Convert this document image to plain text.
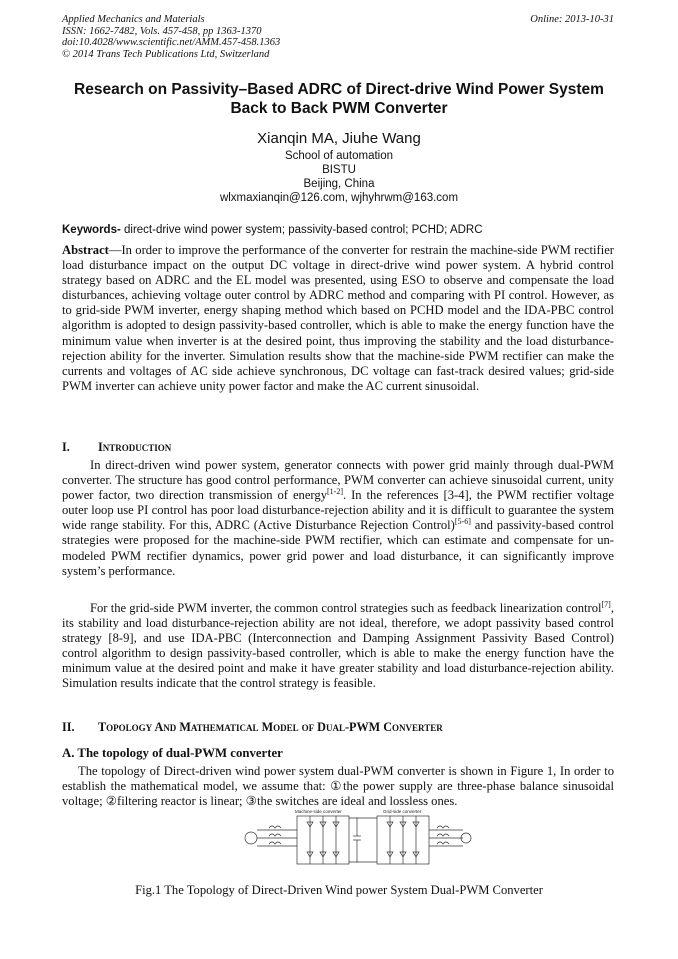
Applied Mechanics and Materials
ISSN: 1662-7482, Vols. 457-458, pp 1363-1370
doi:10.4028/www.scientific.net/AMM.457-458.1363
© 2014 Trans Tech Publications Ltd, Switzerland
Online: 2013-10-31
Research on Passivity–Based ADRC of Direct-drive Wind Power System
Back to Back PWM Converter
Xianqin MA, Jiuhe Wang
School of automation
BISTU
Beijing, China
wlxmaxianqin@126.com, wjhyhrwm@163.com
Keywords- direct-drive wind power system; passivity-based control; PCHD; ADRC
Abstract—In order to improve the performance of the converter for restrain the machine-side PWM rectifier load disturbance impact on the output DC voltage in direct-drive wind power system. A hybrid control strategy based on ADRC and the EL model was presented, using ESO to observe and compensate the load disturbances, achieving voltage outer control by ADRC method and comparing with PI control. However, as to grid-side PWM inverter, energy shaping method which based on PCHD model and the IDA-PBC control algorithm is adopted to design passivity-based controller, which is able to make the energy function have the minimum value when inverter is at the desired point, thus improving the stability and the load disturbance-rejection ability for the inverter. Simulation results show that the machine-side PWM rectifier can make the currents and voltages of AC side achieve synchronous, DC voltage can fast-track desired values; grid-side PWM inverter can achieve unity power factor and make the AC current sinusoidal.
I. Introduction
In direct-driven wind power system, generator connects with power grid mainly through dual-PWM converter. The structure has good control performance, PWM converter can achieve sinusoidal current, unity power factor, two direction transmission of energy[1-2]. In the references [3-4], the PWM rectifier voltage outer loop use PI control has poor load disturbance-rejection ability and it is difficult to guarantee the system wide range stability. For this, ADRC (Active Disturbance Rejection Control)[5-6] and passivity-based control strategies were proposed for the machine-side PWM rectifier, which can estimate and compensate for un-modeled PWM rectifier dynamics, power grid power and load disturbance, it can significantly improve system’s performance.
For the grid-side PWM inverter, the common control strategies such as feedback linearization control[7], its stability and load disturbance-rejection ability are not ideal, therefore, we adopt passivity based control strategy [8-9], and use IDA-PBC (Interconnection and Damping Assignment Passivity Based Control) control algorithm to design passivity-based controller, which is able to make the energy function have the minimum value at the desired point and make it have greater stability and load disturbance-rejection ability. Simulation results indicate that the control strategy is feasible.
II. Topology And Mathematical Model of Dual-PWM Converter
A. The topology of dual-PWM converter
The topology of Direct-driven wind power system dual-PWM converter is shown in Figure 1, In order to establish the mathematical model, we assume that: ①the power supply are three-phase balance sinusoidal voltage; ②filtering reactor is linear; ③the switches are ideal and lossless ones.
Machine-side converter	Grid-side converter
Fig.1 The Topology of Direct-Driven Wind power System Dual-PWM Converter
